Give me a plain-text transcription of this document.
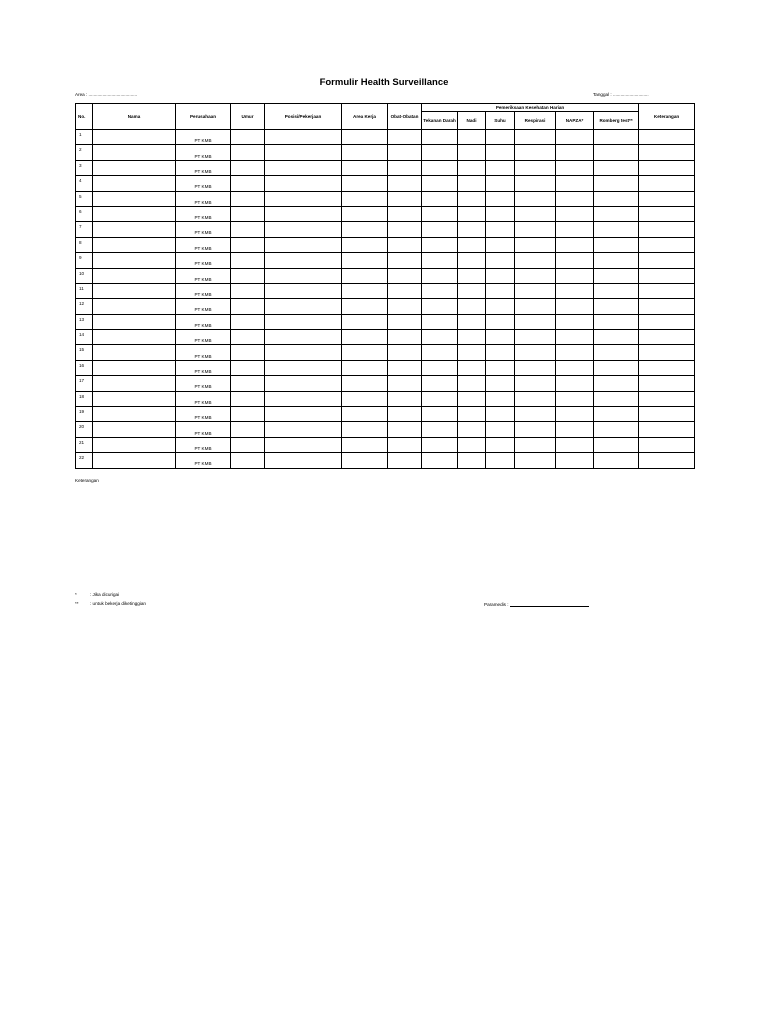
Formulir Health Surveillance
Area : ......................................	Tanggal : ............................
No.	Nama	Perusahaan	Umur	Posisi/Pekerjaan	Area Kerja	Obat-Obatan	Pemeriksaan Kesehatan Harian						Keterangan
							Tekanan Darah	Nadi	Suhu	Respirasi	NAPZA*	Romberg test**	
1		PT KMB											
2		PT KMB											
3		PT KMB											
4		PT KMB											
5		PT KMB											
6		PT KMB											
7		PT KMB											
8		PT KMB											
9		PT KMB											
10		PT KMB											
11		PT KMB											
12		PT KMB											
13		PT KMB											
14		PT KMB											
15		PT KMB											
16		PT KMB											
17		PT KMB											
18		PT KMB											
19		PT KMB											
20		PT KMB											
21		PT KMB											
22		PT KMB											
Keterangan
*	: Jika dicurigai
** : untuk bekerja diketinggian	Paramedis :
